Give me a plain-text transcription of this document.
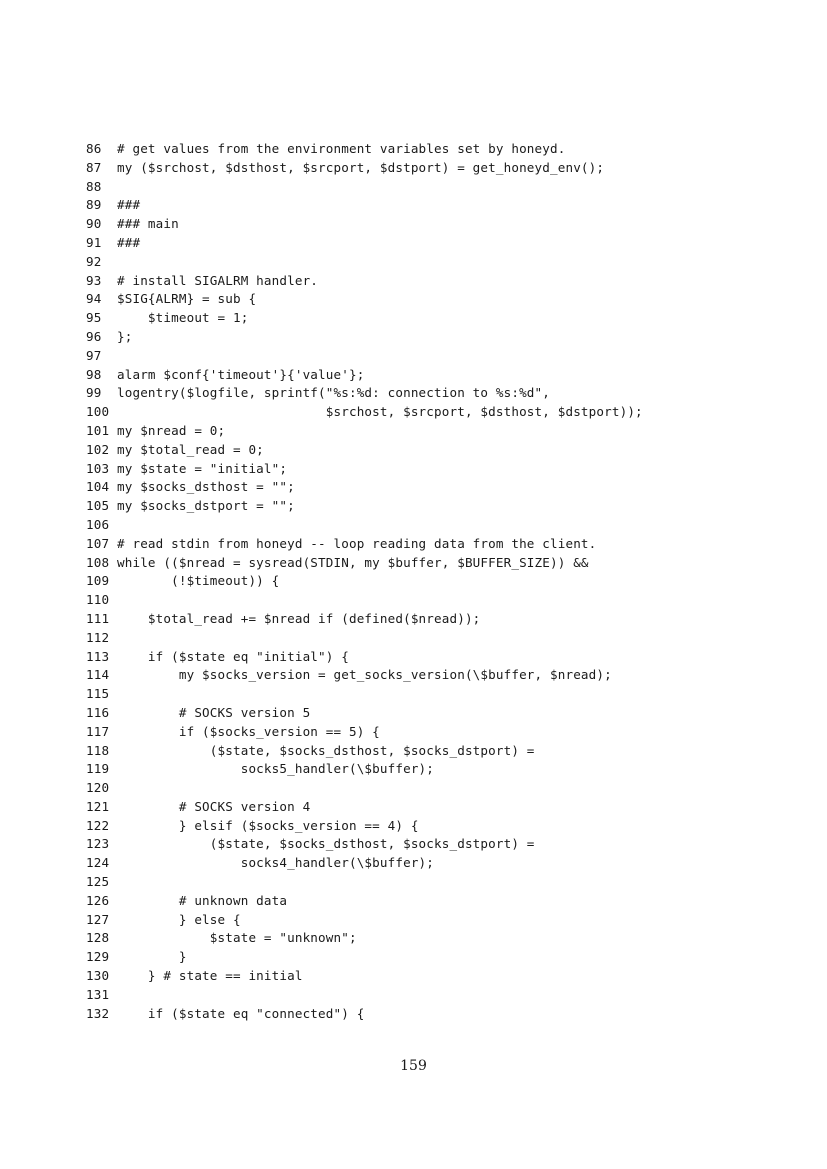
86 # get values from the environment variables set by honeyd.
87 my ($srchost, $dsthost, $srcport, $dstport) = get_honeyd_env();
88
89 ###
90 ### main
91 ###
92
93 # install SIGALRM handler.
94 $SIG{ALRM} = sub {
95    $timeout = 1;
96 };
97
98 alarm $conf{'timeout'}{'value'};
99 logentry($logfile, sprintf("%s:%d: connection to %s:%d",
100                           $srchost, $srcport, $dsthost, $dstport));
101 my $nread = 0;
102 my $total_read = 0;
103 my $state = "initial";
104 my $socks_dsthost = "";
105 my $socks_dstport = "";
106
107 # read stdin from honeyd -- loop reading data from the client.
108 while (($nread = sysread(STDIN, my $buffer, $BUFFER_SIZE)) &&
109       (!$timeout)) {
110
111    $total_read += $nread if (defined($nread));
112
113    if ($state eq "initial") {
114        my $socks_version = get_socks_version(\$buffer, $nread);
115
116        # SOCKS version 5
117        if ($socks_version == 5) {
118            ($state, $socks_dsthost, $socks_dstport) =
119                socks5_handler(\$buffer);
120
121        # SOCKS version 4
122        } elsif ($socks_version == 4) {
123            ($state, $socks_dsthost, $socks_dstport) =
124                socks4_handler(\$buffer);
125
126        # unknown data
127        } else {
128            $state = "unknown";
129        }
130    } # state == initial
131
132    if ($state eq "connected") {
159
